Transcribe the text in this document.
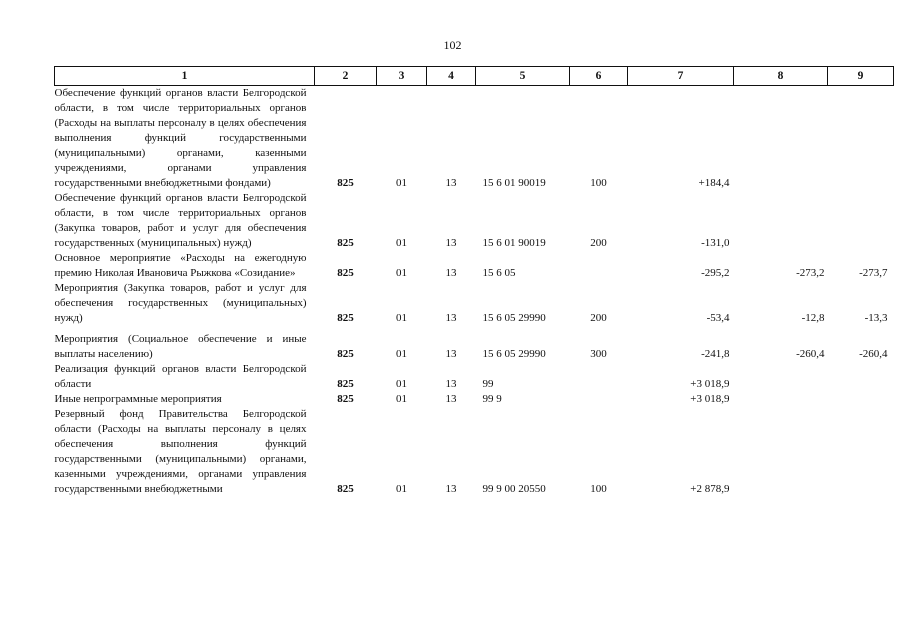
102
1	2	3	4	5	6	7	8	9
Обеспечение функций органов власти Белгородской области, в том числе территориальных органов (Расходы на выплаты персоналу в целях обеспечения выполнения функций государственными (муниципальными) органами, казенными учреждениями, органами управления государственными внебюджетными фондами)	825	01	13	15 6 01 90019	100	+184,4		
Обеспечение функций органов власти Белгородской области, в том числе территориальных органов (Закупка товаров, работ и услуг для обеспечения государственных (муниципальных) нужд)	825	01	13	15 6 01 90019	200	-131,0		
Основное мероприятие «Расходы на ежегодную премию Николая Ивановича Рыжкова «Созидание»	825	01	13	15 6 05		-295,2	-273,2	-273,7
Мероприятия (Закупка товаров, работ и услуг для обеспечения государственных (муниципальных) нужд)	825	01	13	15 6 05 29990	200	-53,4	-12,8	-13,3
Мероприятия (Социальное обеспечение и иные выплаты населению)	825	01	13	15 6 05 29990	300	-241,8	-260,4	-260,4
Реализация функций органов власти Белгородской области	825	01	13	99		+3 018,9		
Иные непрограммные мероприятия	825	01	13	99 9		+3 018,9		
Резервный фонд Правительства Белгородской области (Расходы на выплаты персоналу в целях обеспечения выполнения функций государственными (муниципальными) органами, казенными учреждениями, органами управления государственными внебюджетными	825	01	13	99 9 00 20550	100	+2 878,9		
